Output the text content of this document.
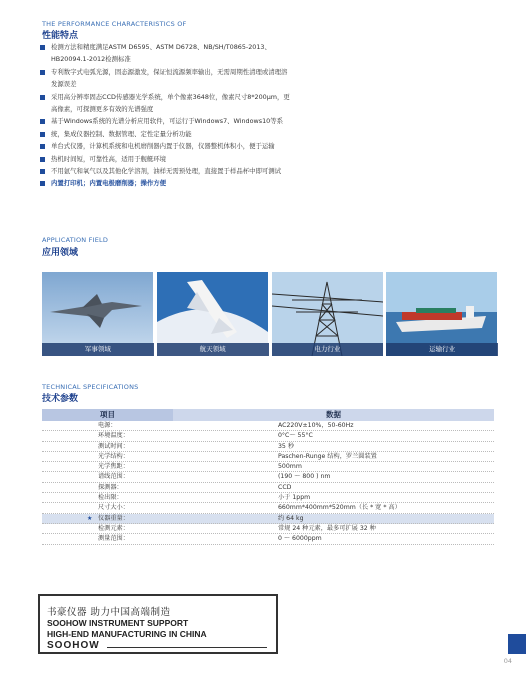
THE PERFORMANCE CHARACTERISTICS OF
性能特点
检测方法和精度满足ASTM D6595、ASTM D6728、NB/SH/T0865-2013、
HB20094.1-2012检测标准
专利数字式电弧光源，固态源激发，保证恒流源频率输出，无需周期性清理或清理溶
发源误差
采用高分辨率固态CCD传感器光学系统，单个像素3648位，像素尺寸8*200μm，更
高像素，可探测更多有效的光谱强度
基于Windows系统的光谱分析应用软件，可运行于Windows7、Windows10等系
统，集成仪器控制、数据管理、定性定量分析功能
单台式仪器，计算机系统和电机磨削器内置于仪器，仪器整机体积小，便于运输
热机时间短，可靠性高，适用于舰艇环境
不用氩气和氧气以及其他化学溶剂，油样无需预处理，直接置于样品杯中即可测试
内置打印机；内置电极磨削器；操作方便
APPLICATION FIELD
应用领域
军事领域	航天领域	电力行业	运输行业
TECHNICAL SPECIFICATIONS
技术参数
项目	数据
电源：	AC220V±10%，50-60Hz
环境温度：	0°C～ 55°C
测试时间：	35 秒
光学结构：	Paschen-Runge 结构，罗兰圆装置
光学焦距：	500mm
谱线范围：	(190 ～ 800 ) nm
探测器：	CCD
检出限：	小于 1ppm
尺寸大小：	660mm*400mm*520mm（长 * 宽 * 高）
★ 仪器重量：	约 64 kg
检测元素：	常规 24 种元素，最多可扩展 32 种
测量范围：	0 ～ 6000ppm
书豪仪器 助力中国高端制造
SOOHOW INSTRUMENT SUPPORT
HIGH-END MANUFACTURING IN CHINA
SOOHOW
04
